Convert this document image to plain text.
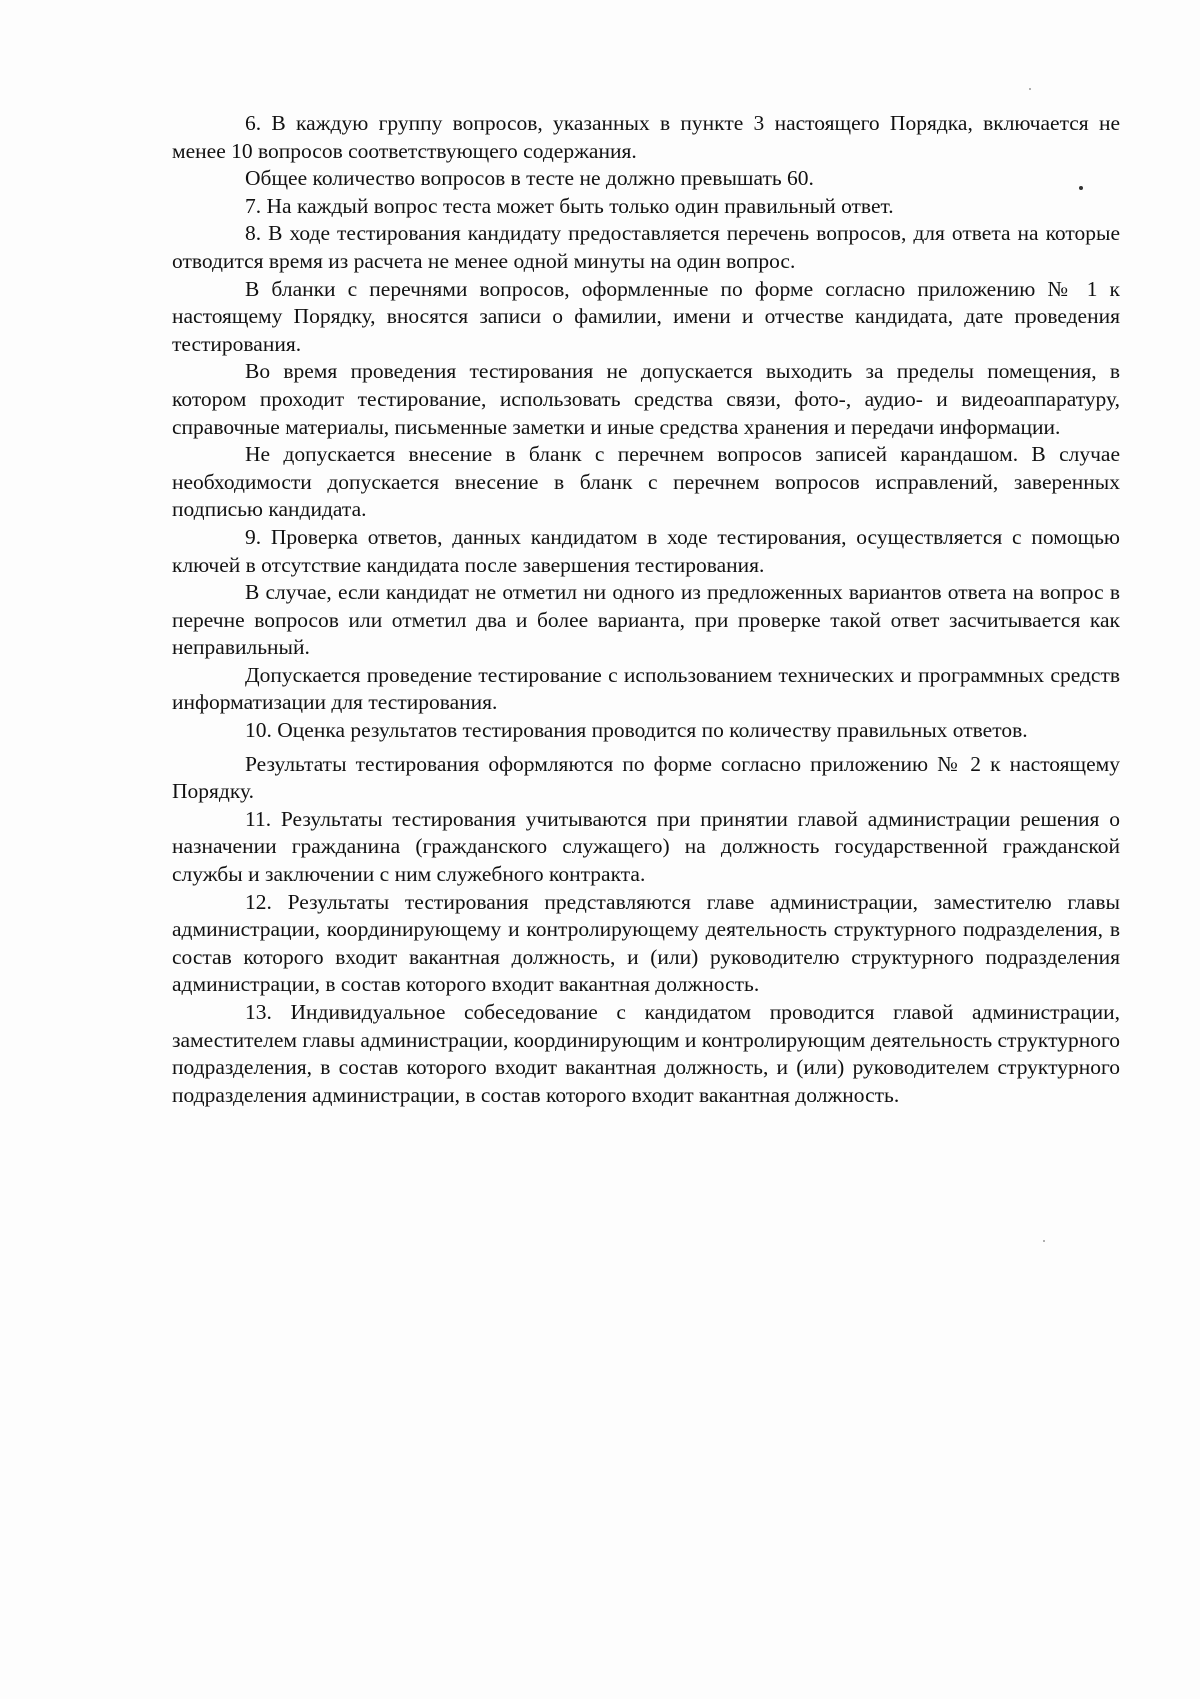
6. В каждую группу вопросов, указанных в пункте 3 настоящего Порядка, включается не менее 10 вопросов соответствующего содержания.

Общее количество вопросов в тесте не должно превышать 60.

7. На каждый вопрос теста может быть только один правильный ответ.

8. В ходе тестирования кандидату предоставляется перечень вопросов, для ответа на которые отводится время из расчета не менее одной минуты на один вопрос.

В бланки с перечнями вопросов, оформленные по форме согласно приложению № 1 к настоящему Порядку, вносятся записи о фамилии, имени и отчестве кандидата, дате проведения тестирования.

Во время проведения тестирования не допускается выходить за пределы помещения, в котором проходит тестирование, использовать средства связи, фото-, аудио- и видеоаппаратуру, справочные материалы, письменные заметки и иные средства хранения и передачи информации.

Не допускается внесение в бланк с перечнем вопросов записей карандашом. В случае необходимости допускается внесение в бланк с перечнем вопросов исправлений, заверенных подписью кандидата.

9. Проверка ответов, данных кандидатом в ходе тестирования, осуществляется с помощью ключей в отсутствие кандидата после завершения тестирования.

В случае, если кандидат не отметил ни одного из предложенных вариантов ответа на вопрос в перечне вопросов или отметил два и более варианта, при проверке такой ответ засчитывается как неправильный.

Допускается проведение тестирование с использованием технических и программных средств информатизации для тестирования.

10. Оценка результатов тестирования проводится по количеству правильных ответов.

Результаты тестирования оформляются по форме согласно приложению № 2 к настоящему Порядку.

11. Результаты тестирования учитываются при принятии главой администрации решения о назначении гражданина (гражданского служащего) на должность государственной гражданской службы и заключении с ним служебного контракта.

12. Результаты тестирования представляются главе администрации, заместителю главы администрации, координирующему и контролирующему деятельность структурного подразделения, в состав которого входит вакантная должность, и (или) руководителю структурного подразделения администрации, в состав которого входит вакантная должность.

13. Индивидуальное собеседование с кандидатом проводится главой администрации, заместителем главы администрации, координирующим и контролирующим деятельность структурного подразделения, в состав которого входит вакантная должность, и (или) руководителем структурного подразделения администрации, в состав которого входит вакантная должность.
